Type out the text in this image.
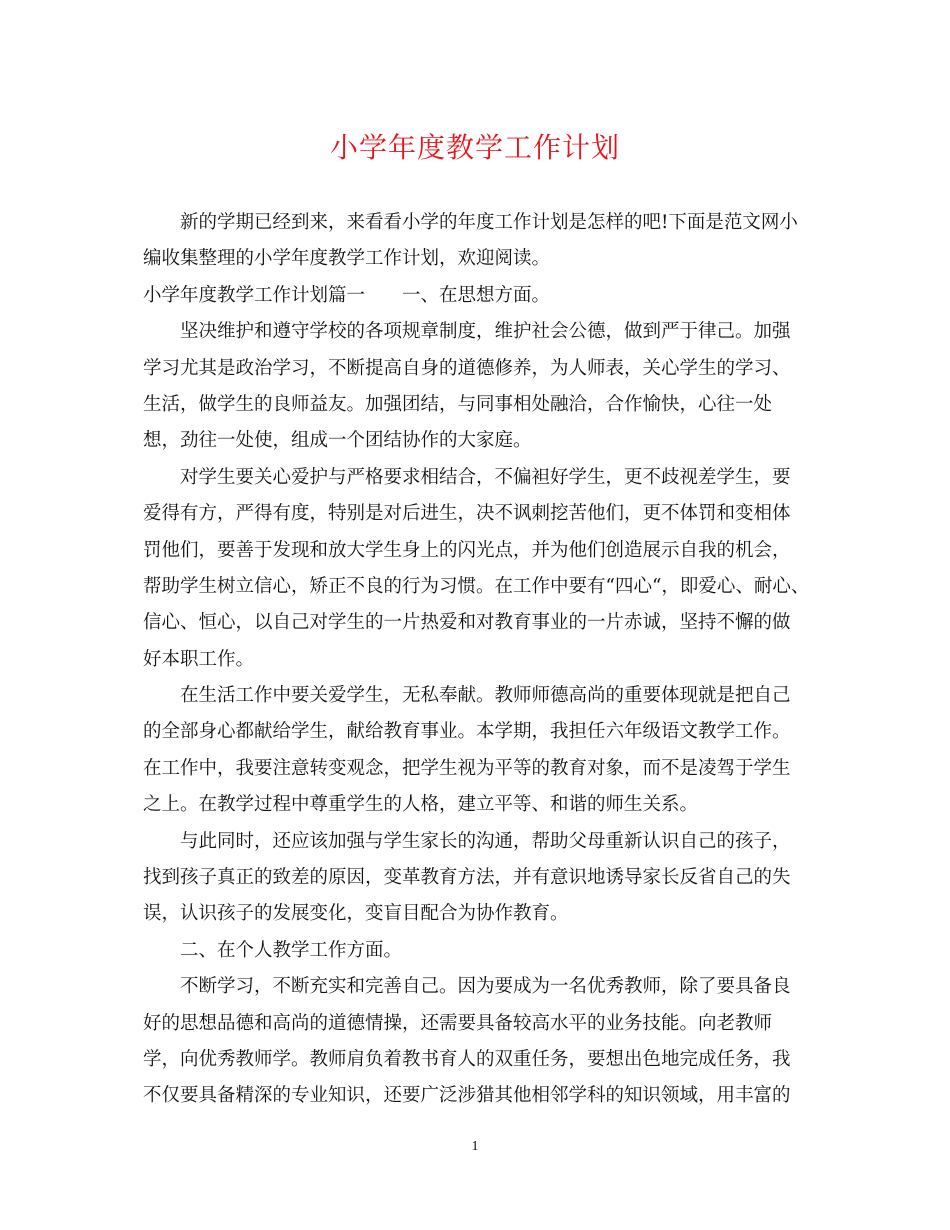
小学年度教学工作计划
新的学期已经到来，来看看小学的年度工作计划是怎样的吧!下面是范文网小
编收集整理的小学年度教学工作计划，欢迎阅读。
小学年度教学工作计划篇一　　一、在思想方面。
坚决维护和遵守学校的各项规章制度，维护社会公德，做到严于律己。加强
学习尤其是政治学习，不断提高自身的道德修养，为人师表，关心学生的学习、
生活，做学生的良师益友。加强团结，与同事相处融洽，合作愉快，心往一处
想，劲往一处使，组成一个团结协作的大家庭。
对学生要关心爱护与严格要求相结合，不偏袒好学生，更不歧视差学生，要
爱得有方，严得有度，特别是对后进生，决不讽刺挖苦他们，更不体罚和变相体
罚他们，要善于发现和放大学生身上的闪光点，并为他们创造展示自我的机会，
帮助学生树立信心，矫正不良的行为习惯。在工作中要有“四心“，即爱心、耐心、
信心、恒心，以自己对学生的一片热爱和对教育事业的一片赤诚，坚持不懈的做
好本职工作。
在生活工作中要关爱学生，无私奉献。教师师德高尚的重要体现就是把自己
的全部身心都献给学生，献给教育事业。本学期，我担任六年级语文教学工作。
在工作中，我要注意转变观念，把学生视为平等的教育对象，而不是凌驾于学生
之上。在教学过程中尊重学生的人格，建立平等、和谐的师生关系。
与此同时，还应该加强与学生家长的沟通，帮助父母重新认识自己的孩子，
找到孩子真正的致差的原因，变革教育方法，并有意识地诱导家长反省自己的失
误，认识孩子的发展变化，变盲目配合为协作教育。
二、在个人教学工作方面。
不断学习，不断充实和完善自己。因为要成为一名优秀教师，除了要具备良
好的思想品德和高尚的道德情操，还需要具备较高水平的业务技能。向老教师
学，向优秀教师学。教师肩负着教书育人的双重任务，要想出色地完成任务，我
不仅要具备精深的专业知识，还要广泛涉猎其他相邻学科的知识领域，用丰富的
1
